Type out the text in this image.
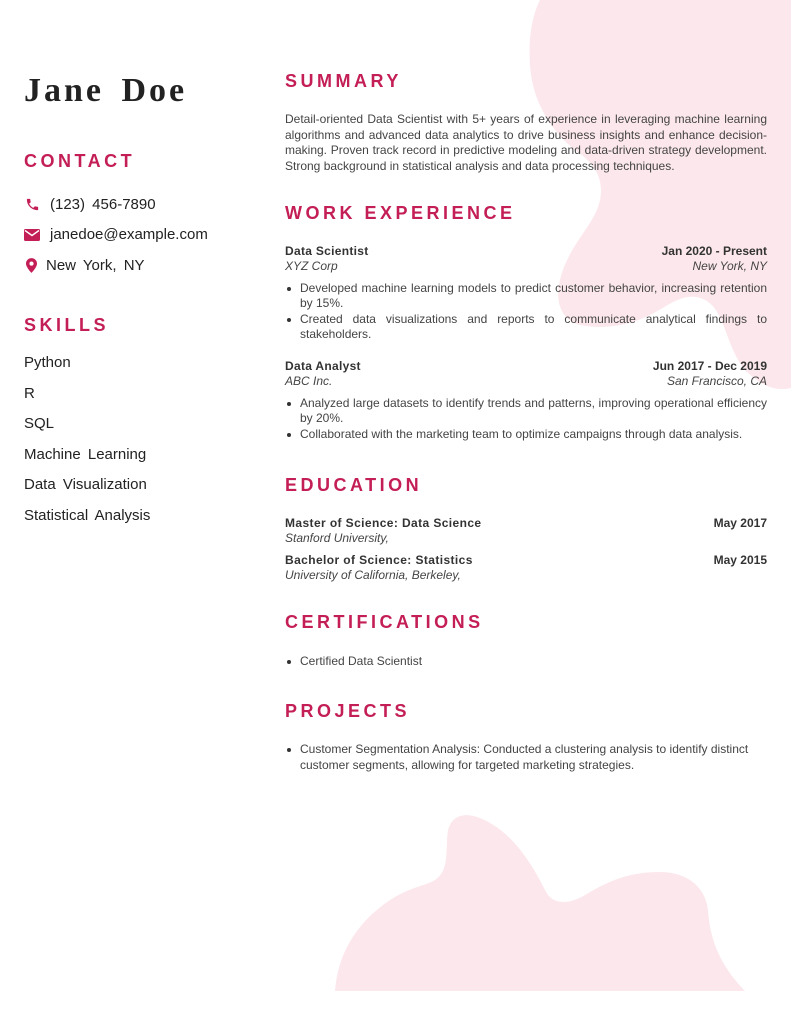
Jane Doe
CONTACT
(123) 456-7890
janedoe@example.com
New York, NY
SKILLS
Python
R
SQL
Machine Learning
Data Visualization
Statistical Analysis
SUMMARY

Detail-oriented Data Scientist with 5+ years of experience in leveraging machine learning algorithms and advanced data analytics to drive business insights and enhance decision-making. Proven track record in predictive modeling and data-driven strategy development. Strong background in statistical analysis and data processing techniques.

WORK EXPERIENCE
Data Scientist	Jan 2020 - Present
XYZ Corp	New York, NY
Developed machine learning models to predict customer behavior, increasing retention by 15%.
Created data visualizations and reports to communicate analytical findings to stakeholders.
Data Analyst	Jun 2017 - Dec 2019
ABC Inc.	San Francisco, CA
Analyzed large datasets to identify trends and patterns, improving operational efficiency by 20%.
Collaborated with the marketing team to optimize campaigns through data analysis.
EDUCATION
Master of Science: Data Science	May 2017
Stanford University,
Bachelor of Science: Statistics	May 2015
University of California, Berkeley,
CERTIFICATIONS
Certified Data Scientist
PROJECTS
Customer Segmentation Analysis: Conducted a clustering analysis to identify distinct customer segments, allowing for targeted marketing strategies.
